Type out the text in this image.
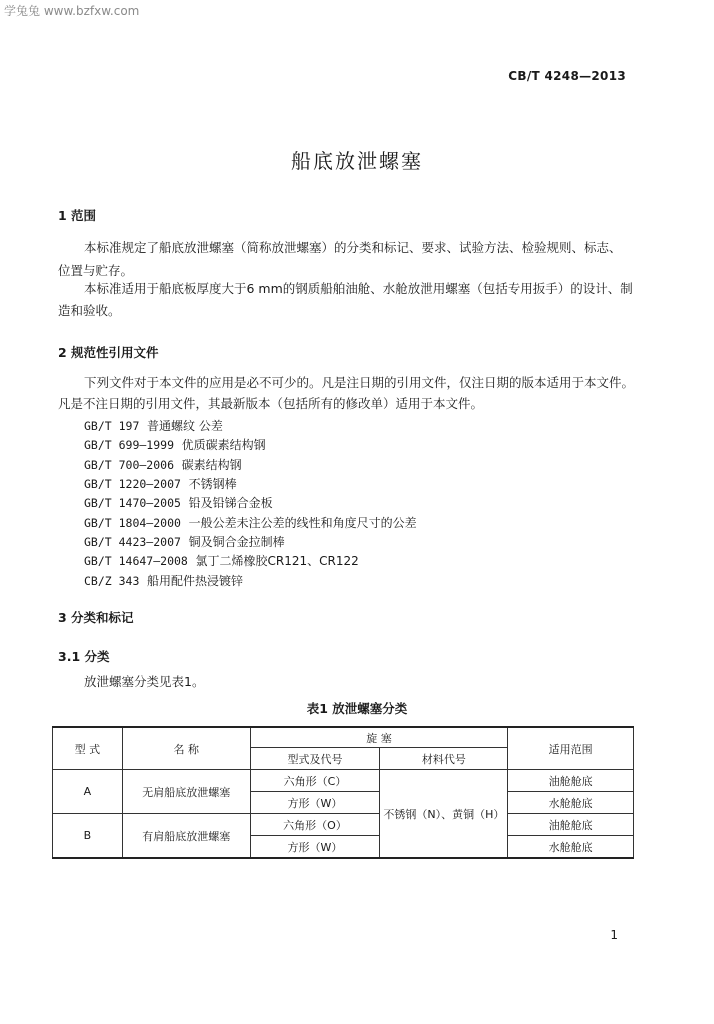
学兔兔 www.bzfxw.com
CB/T 4248—2013
船底放泄螺塞
1 范围
本标准规定了船底放泄螺塞（简称放泄螺塞）的分类和标记、要求、试验方法、检验规则、标志、
位置与贮存。
本标准适用于船底板厚度大于6 mm的钢质船舶油舱、水舱放泄用螺塞（包括专用扳手）的设计、制
造和验收。
2 规范性引用文件
下列文件对于本文件的应用是必不可少的。凡是注日期的引用文件，仅注日期的版本适用于本文件。
凡是不注日期的引用文件，其最新版本（包括所有的修改单）适用于本文件。
GB/T 197 普通螺纹 公差
GB/T 699—1999 优质碳素结构钢
GB/T 700—2006 碳素结构钢
GB/T 1220—2007 不锈钢棒
GB/T 1470—2005 铅及铅锑合金板
GB/T 1804—2000 一般公差未注公差的线性和角度尺寸的公差
GB/T 4423—2007 铜及铜合金拉制棒
GB/T 14647—2008 氯丁二烯橡胶CR121、CR122
CB/Z 343 船用配件热浸镀锌
3 分类和标记
3.1 分类
放泄螺塞分类见表1。
表1 放泄螺塞分类
型 式	名 称	旋 塞		适用范围
		型式及代号	材料代号	
A	无肩船底放泄螺塞	六角形（C）	不锈钢（N）、黄铜（H）	油舱舱底
		方形（W）		水舱舱底
B	有肩船底放泄螺塞	六角形（O）		油舱舱底
		方形（W）		水舱舱底
1
